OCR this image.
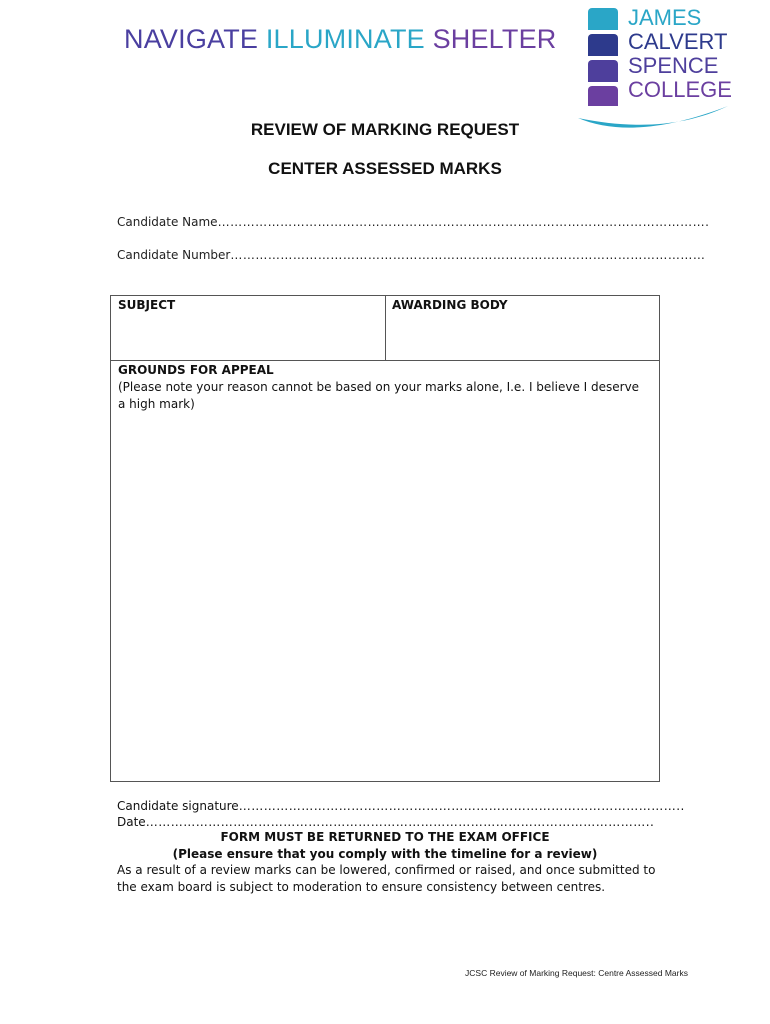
NAVIGATE ILLUMINATE SHELTER
JAMES
CALVERT
SPENCE
COLLEGE
REVIEW OF MARKING REQUEST
CENTER ASSESSED MARKS
Candidate Name……………………………………………………………………………………………………….
Candidate Number……………………………………………………………………………………………………
SUBJECT	AWARDING BODY
GROUNDS FOR APPEAL
(Please note your reason cannot be based on your marks alone, I.e. I believe I deserve a high mark)
Candidate signature……………………………………………………………………………………………..
Date…………………………………………………………………………………………………………..
FORM MUST BE RETURNED TO THE EXAM OFFICE
(Please ensure that you comply with the timeline for a review)
As a result of a review marks can be lowered, confirmed or raised, and once submitted to the exam board is subject to moderation to ensure consistency between centres.
JCSC Review of Marking Request: Centre Assessed Marks
